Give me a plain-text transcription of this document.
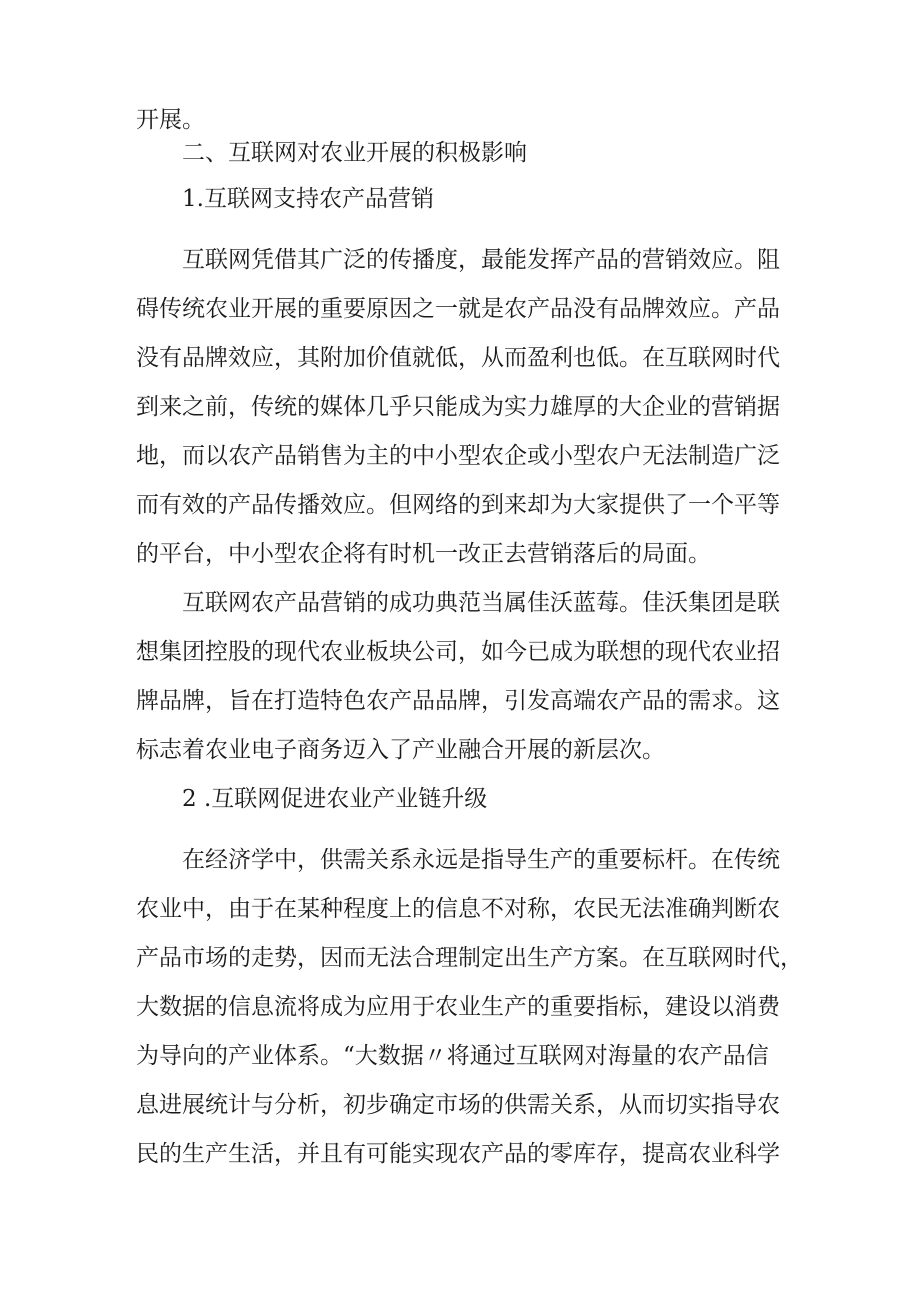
开展。
二、互联网对农业开展的积极影响
1.互联网支持农产品营销
互联网凭借其广泛的传播度，最能发挥产品的营销效应。阻
碍传统农业开展的重要原因之一就是农产品没有品牌效应。产品
没有品牌效应，其附加价值就低，从而盈利也低。在互联网时代
到来之前，传统的媒体几乎只能成为实力雄厚的大企业的营销据
地，而以农产品销售为主的中小型农企或小型农户无法制造广泛
而有效的产品传播效应。但网络的到来却为大家提供了一个平等
的平台，中小型农企将有时机一改正去营销落后的局面。
互联网农产品营销的成功典范当属佳沃蓝莓。佳沃集团是联
想集团控股的现代农业板块公司，如今已成为联想的现代农业招
牌品牌，旨在打造特色农产品品牌，引发高端农产品的需求。这
标志着农业电子商务迈入了产业融合开展的新层次。
2 .互联网促进农业产业链升级
在经济学中，供需关系永远是指导生产的重要标杆。在传统
农业中，由于在某种程度上的信息不对称，农民无法准确判断农
产品市场的走势，因而无法合理制定出生产方案。在互联网时代，
大数据的信息流将成为应用于农业生产的重要指标，建设以消费
为导向的产业体系。“大数据〃将通过互联网对海量的农产品信
息进展统计与分析，初步确定市场的供需关系，从而切实指导农
民的生产生活，并且有可能实现农产品的零库存，提高农业科学
